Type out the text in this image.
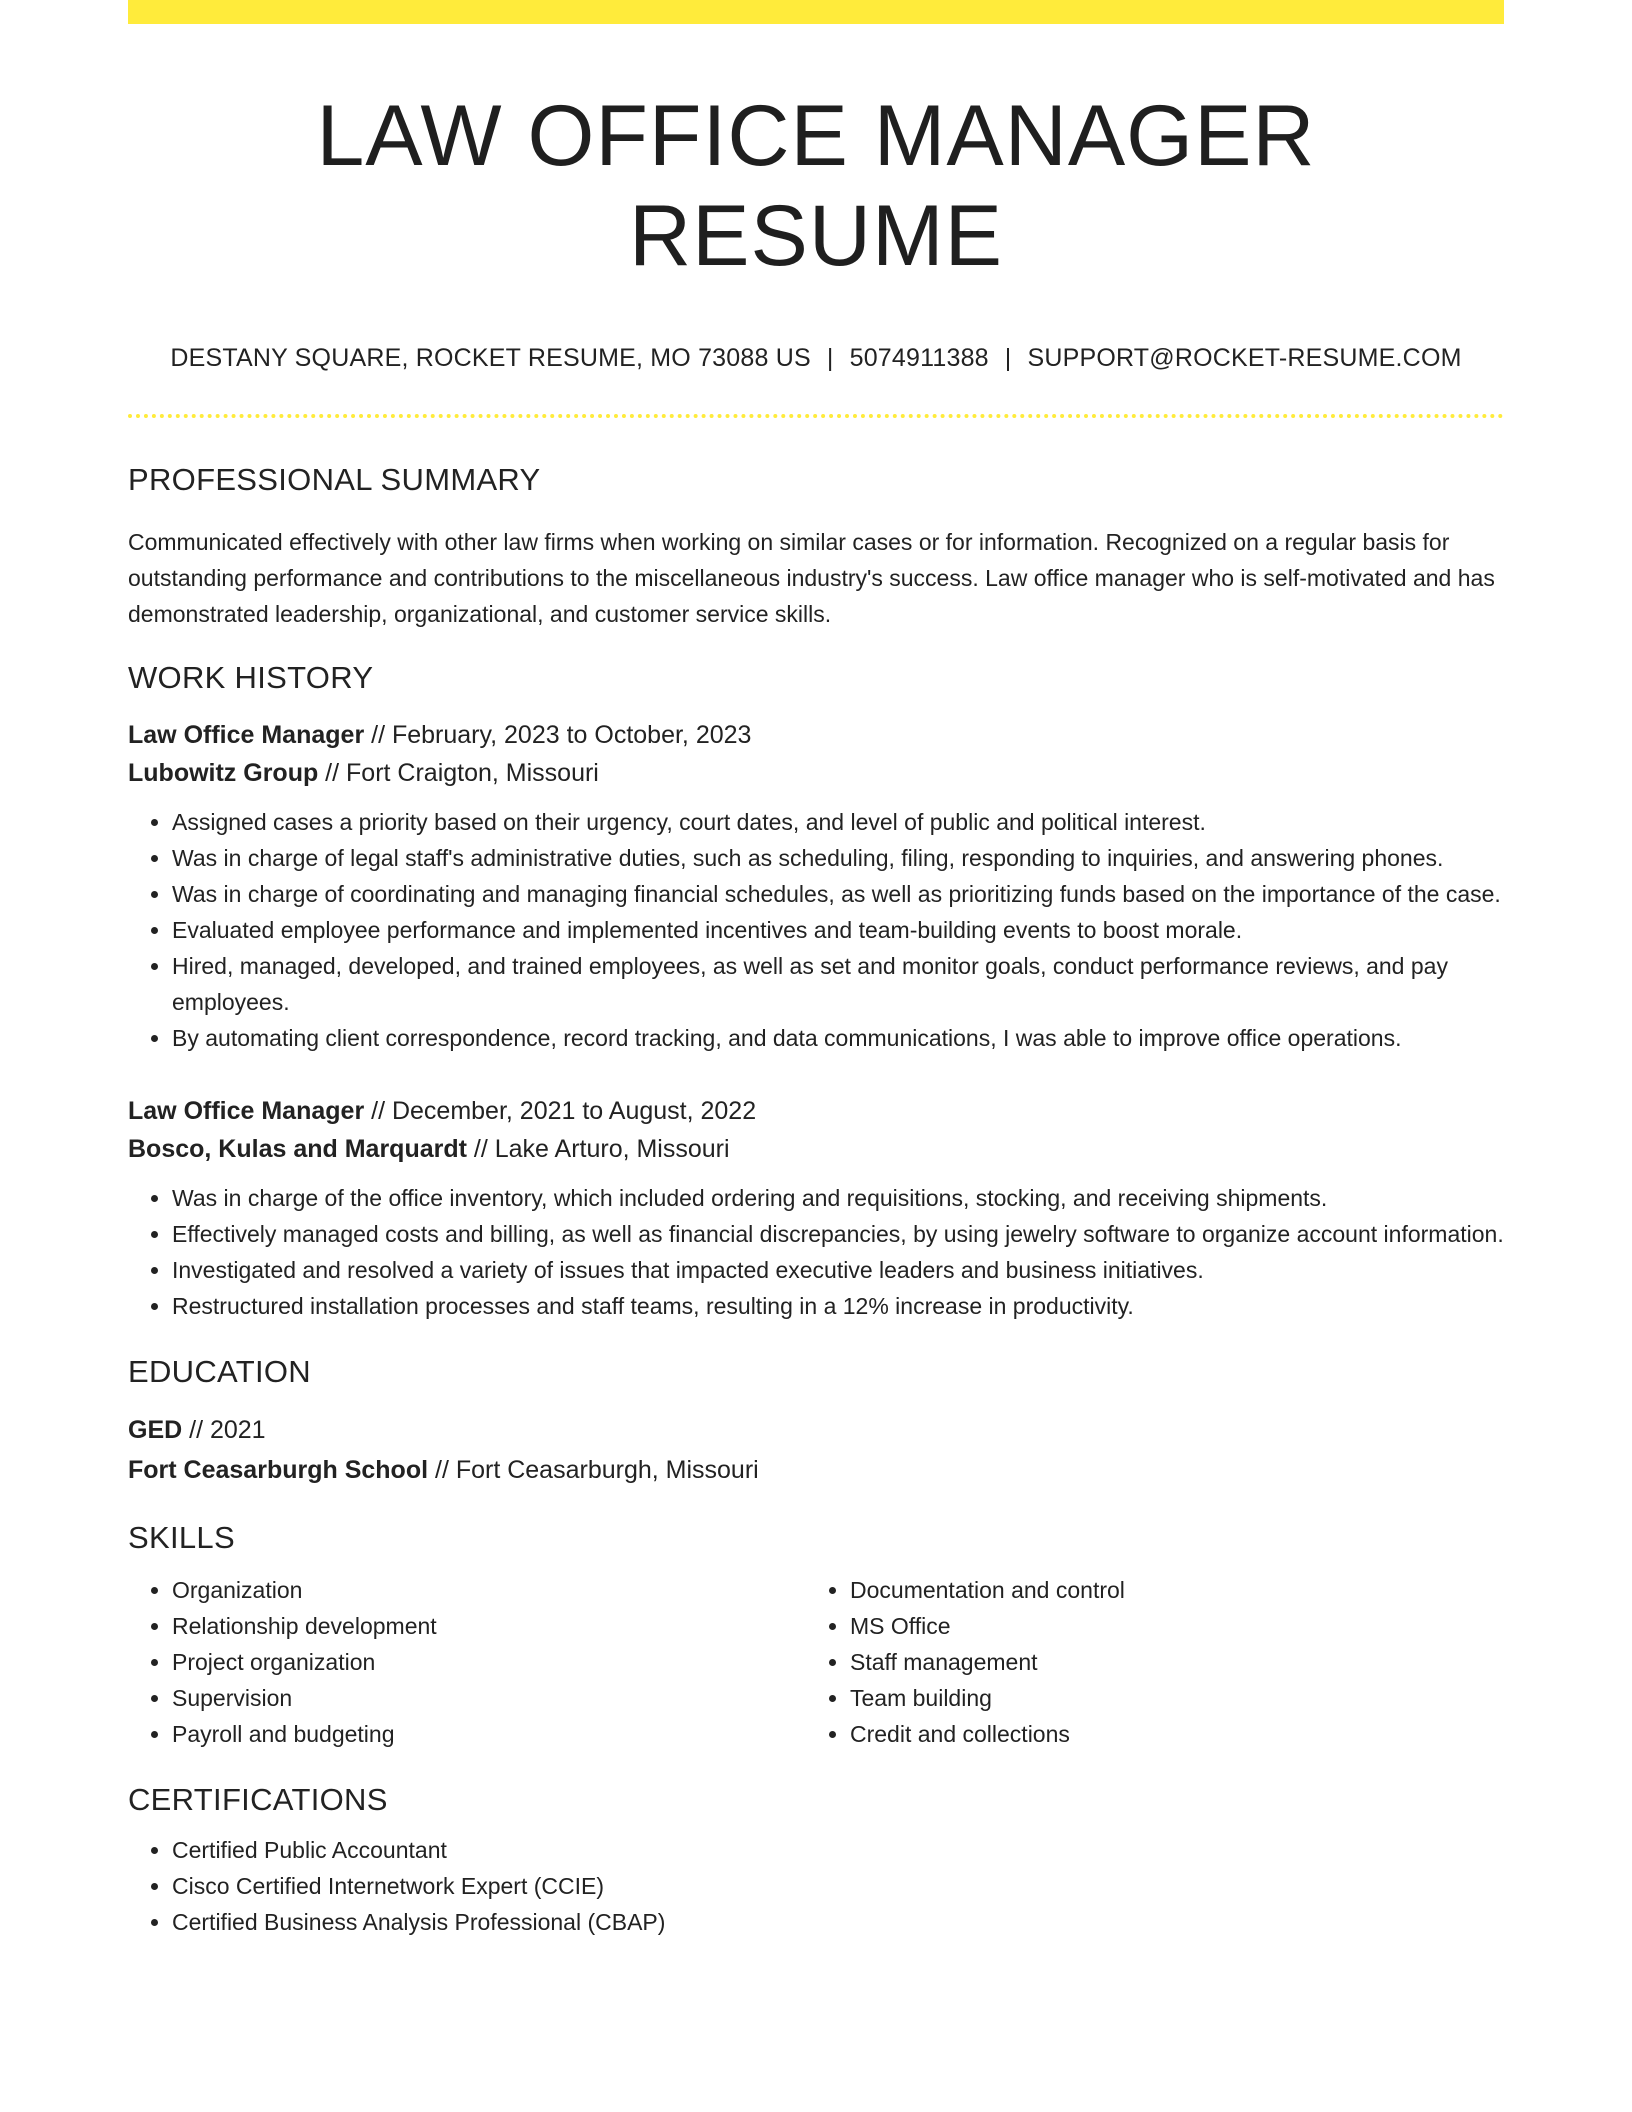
LAW OFFICE MANAGER RESUME
DESTANY SQUARE, ROCKET RESUME, MO 73088 US | 5074911388 | SUPPORT@ROCKET-RESUME.COM
PROFESSIONAL SUMMARY

Communicated effectively with other law firms when working on similar cases or for information. Recognized on a regular basis for outstanding performance and contributions to the miscellaneous industry's success. Law office manager who is self-motivated and has demonstrated leadership, organizational, and customer service skills.

WORK HISTORY
Law Office Manager // February, 2023 to October, 2023
Lubowitz Group // Fort Craigton, Missouri
• Assigned cases a priority based on their urgency, court dates, and level of public and political interest.
• Was in charge of legal staff's administrative duties, such as scheduling, filing, responding to inquiries, and answering phones.
• Was in charge of coordinating and managing financial schedules, as well as prioritizing funds based on the importance of the case.
• Evaluated employee performance and implemented incentives and team-building events to boost morale.
• Hired, managed, developed, and trained employees, as well as set and monitor goals, conduct performance reviews, and pay employees.
• By automating client correspondence, record tracking, and data communications, I was able to improve office operations.
Law Office Manager // December, 2021 to August, 2022
Bosco, Kulas and Marquardt // Lake Arturo, Missouri
• Was in charge of the office inventory, which included ordering and requisitions, stocking, and receiving shipments.
• Effectively managed costs and billing, as well as financial discrepancies, by using jewelry software to organize account information.
• Investigated and resolved a variety of issues that impacted executive leaders and business initiatives.
• Restructured installation processes and staff teams, resulting in a 12% increase in productivity.
EDUCATION
GED // 2021
Fort Ceasarburgh School // Fort Ceasarburgh, Missouri
SKILLS
• Organization
• Relationship development
• Project organization
• Supervision
• Payroll and budgeting
• Documentation and control
• MS Office
• Staff management
• Team building
• Credit and collections
CERTIFICATIONS
• Certified Public Accountant
• Cisco Certified Internetwork Expert (CCIE)
• Certified Business Analysis Professional (CBAP)
